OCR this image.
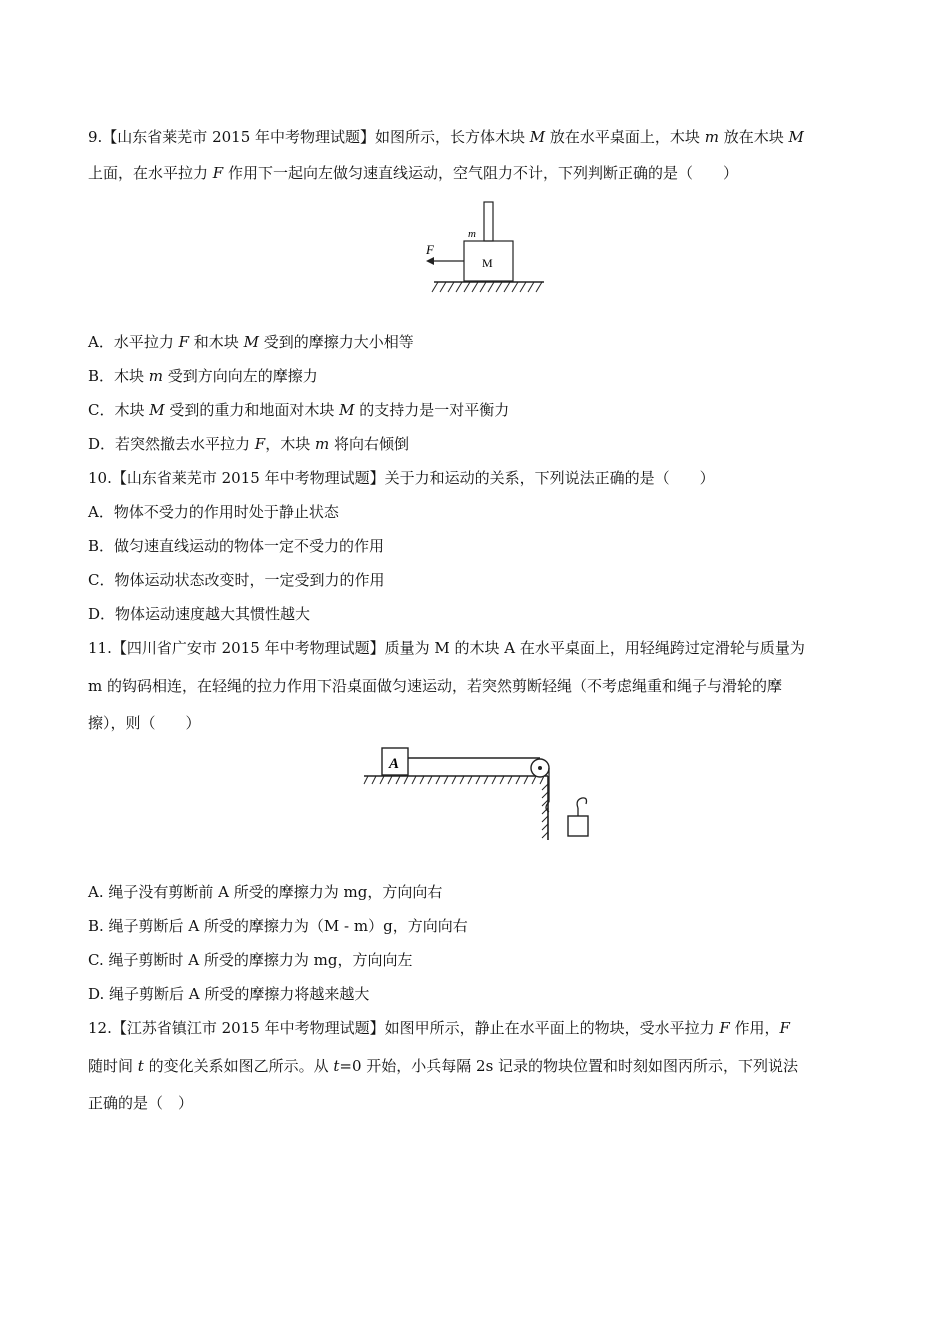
9.【山东省莱芜市 2015 年中考物理试题】如图所示，长方体木块 M 放在水平桌面上，木块 m 放在木块 M
上面，在水平拉力 F 作用下一起向左做匀速直线运动，空气阻力不计，下列判断正确的是（　　）
F
m
M
A．水平拉力 F 和木块 M 受到的摩擦力大小相等
B．木块 m 受到方向向左的摩擦力
C．木块 M 受到的重力和地面对木块 M 的支持力是一对平衡力
D．若突然撤去水平拉力 F，木块 m 将向右倾倒
10.【山东省莱芜市 2015 年中考物理试题】关于力和运动的关系，下列说法正确的是（　　）
A．物体不受力的作用时处于静止状态
B．做匀速直线运动的物体一定不受力的作用
C．物体运动状态改变时，一定受到力的作用
D．物体运动速度越大其惯性越大
11.【四川省广安市 2015 年中考物理试题】质量为 M 的木块 A 在水平桌面上，用轻绳跨过定滑轮与质量为
m 的钩码相连，在轻绳的拉力作用下沿桌面做匀速运动，若突然剪断轻绳（不考虑绳重和绳子与滑轮的摩
擦），则（　　）
A
A. 绳子没有剪断前 A 所受的摩擦力为 mg，方向向右
B. 绳子剪断后 A 所受的摩擦力为（M - m）g，方向向右
C. 绳子剪断时 A 所受的摩擦力为 mg，方向向左
D. 绳子剪断后 A 所受的摩擦力将越来越大
12.【江苏省镇江市 2015 年中考物理试题】如图甲所示，静止在水平面上的物块，受水平拉力 F 作用，F
随时间 t 的变化关系如图乙所示。从 t=0 开始，小兵每隔 2s 记录的物块位置和时刻如图丙所示，下列说法
正确的是（　）
